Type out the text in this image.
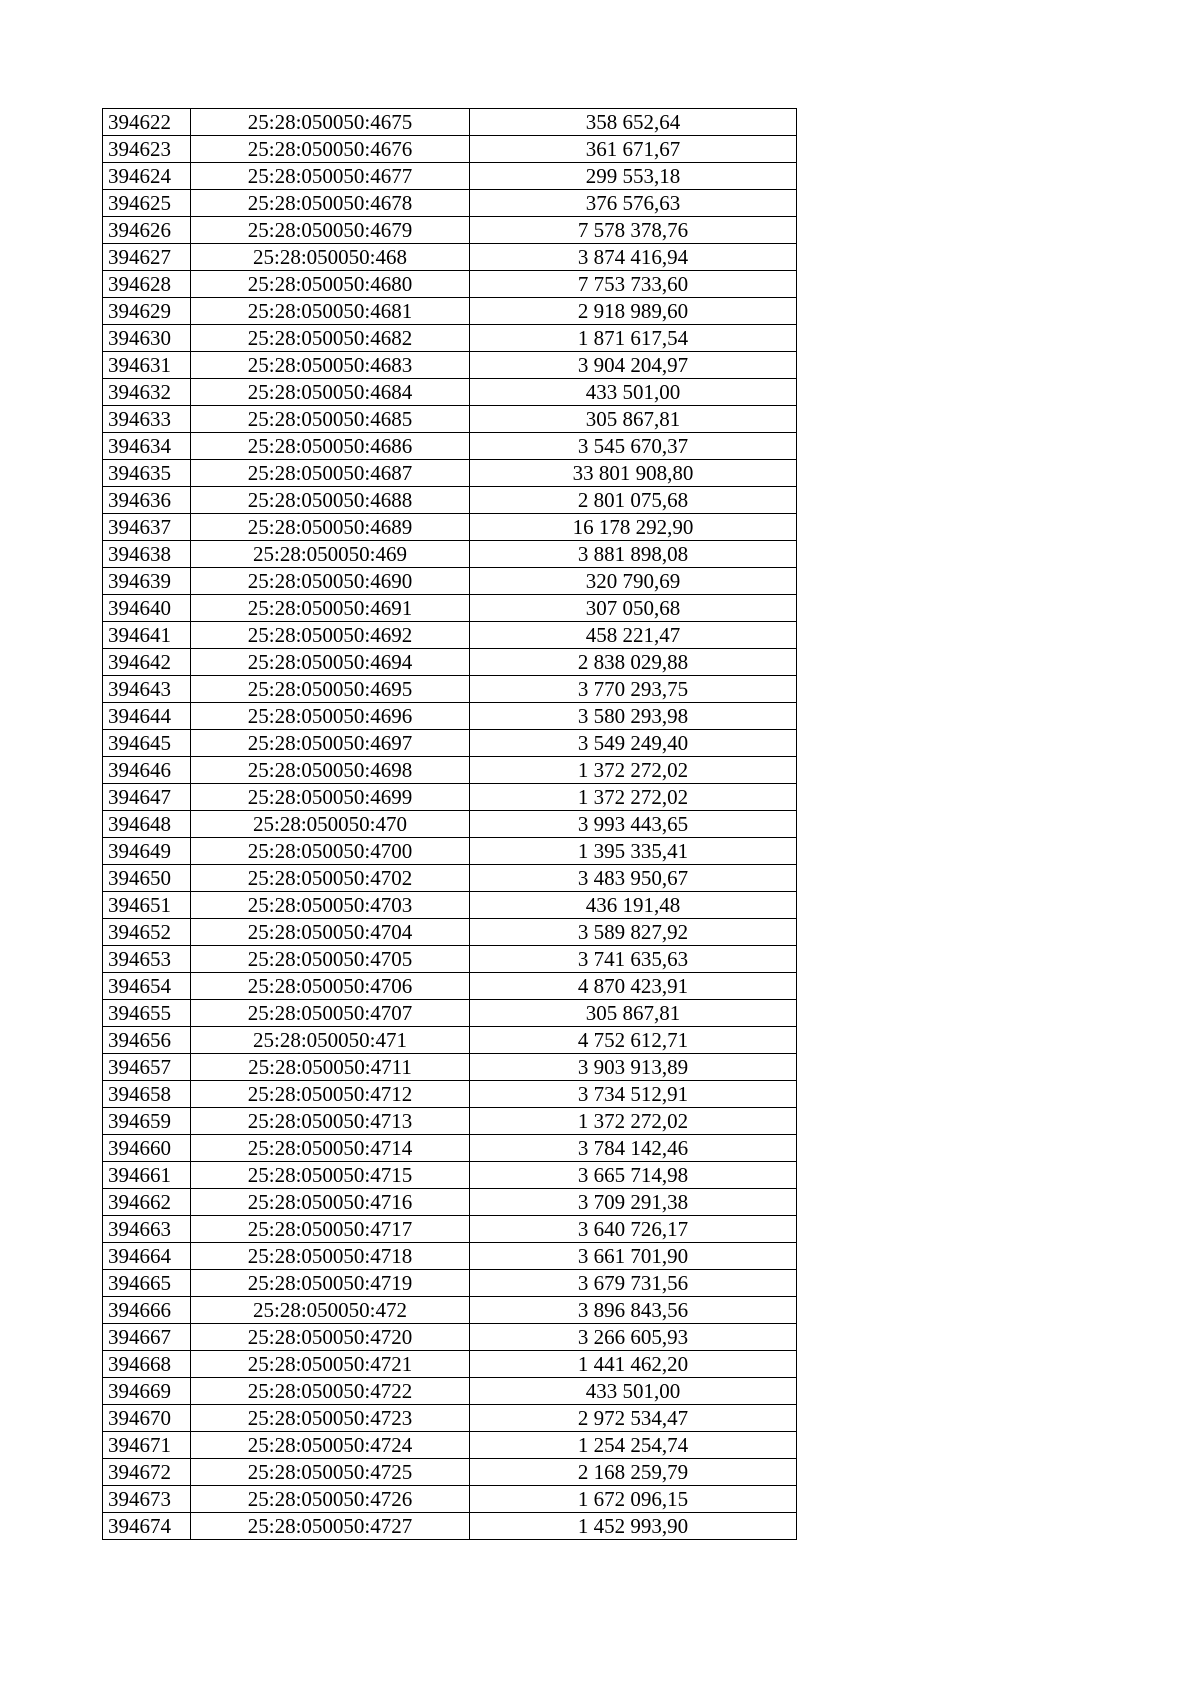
394622	25:28:050050:4675	358 652,64
394623	25:28:050050:4676	361 671,67
394624	25:28:050050:4677	299 553,18
394625	25:28:050050:4678	376 576,63
394626	25:28:050050:4679	7 578 378,76
394627	25:28:050050:468	3 874 416,94
394628	25:28:050050:4680	7 753 733,60
394629	25:28:050050:4681	2 918 989,60
394630	25:28:050050:4682	1 871 617,54
394631	25:28:050050:4683	3 904 204,97
394632	25:28:050050:4684	433 501,00
394633	25:28:050050:4685	305 867,81
394634	25:28:050050:4686	3 545 670,37
394635	25:28:050050:4687	33 801 908,80
394636	25:28:050050:4688	2 801 075,68
394637	25:28:050050:4689	16 178 292,90
394638	25:28:050050:469	3 881 898,08
394639	25:28:050050:4690	320 790,69
394640	25:28:050050:4691	307 050,68
394641	25:28:050050:4692	458 221,47
394642	25:28:050050:4694	2 838 029,88
394643	25:28:050050:4695	3 770 293,75
394644	25:28:050050:4696	3 580 293,98
394645	25:28:050050:4697	3 549 249,40
394646	25:28:050050:4698	1 372 272,02
394647	25:28:050050:4699	1 372 272,02
394648	25:28:050050:470	3 993 443,65
394649	25:28:050050:4700	1 395 335,41
394650	25:28:050050:4702	3 483 950,67
394651	25:28:050050:4703	436 191,48
394652	25:28:050050:4704	3 589 827,92
394653	25:28:050050:4705	3 741 635,63
394654	25:28:050050:4706	4 870 423,91
394655	25:28:050050:4707	305 867,81
394656	25:28:050050:471	4 752 612,71
394657	25:28:050050:4711	3 903 913,89
394658	25:28:050050:4712	3 734 512,91
394659	25:28:050050:4713	1 372 272,02
394660	25:28:050050:4714	3 784 142,46
394661	25:28:050050:4715	3 665 714,98
394662	25:28:050050:4716	3 709 291,38
394663	25:28:050050:4717	3 640 726,17
394664	25:28:050050:4718	3 661 701,90
394665	25:28:050050:4719	3 679 731,56
394666	25:28:050050:472	3 896 843,56
394667	25:28:050050:4720	3 266 605,93
394668	25:28:050050:4721	1 441 462,20
394669	25:28:050050:4722	433 501,00
394670	25:28:050050:4723	2 972 534,47
394671	25:28:050050:4724	1 254 254,74
394672	25:28:050050:4725	2 168 259,79
394673	25:28:050050:4726	1 672 096,15
394674	25:28:050050:4727	1 452 993,90
